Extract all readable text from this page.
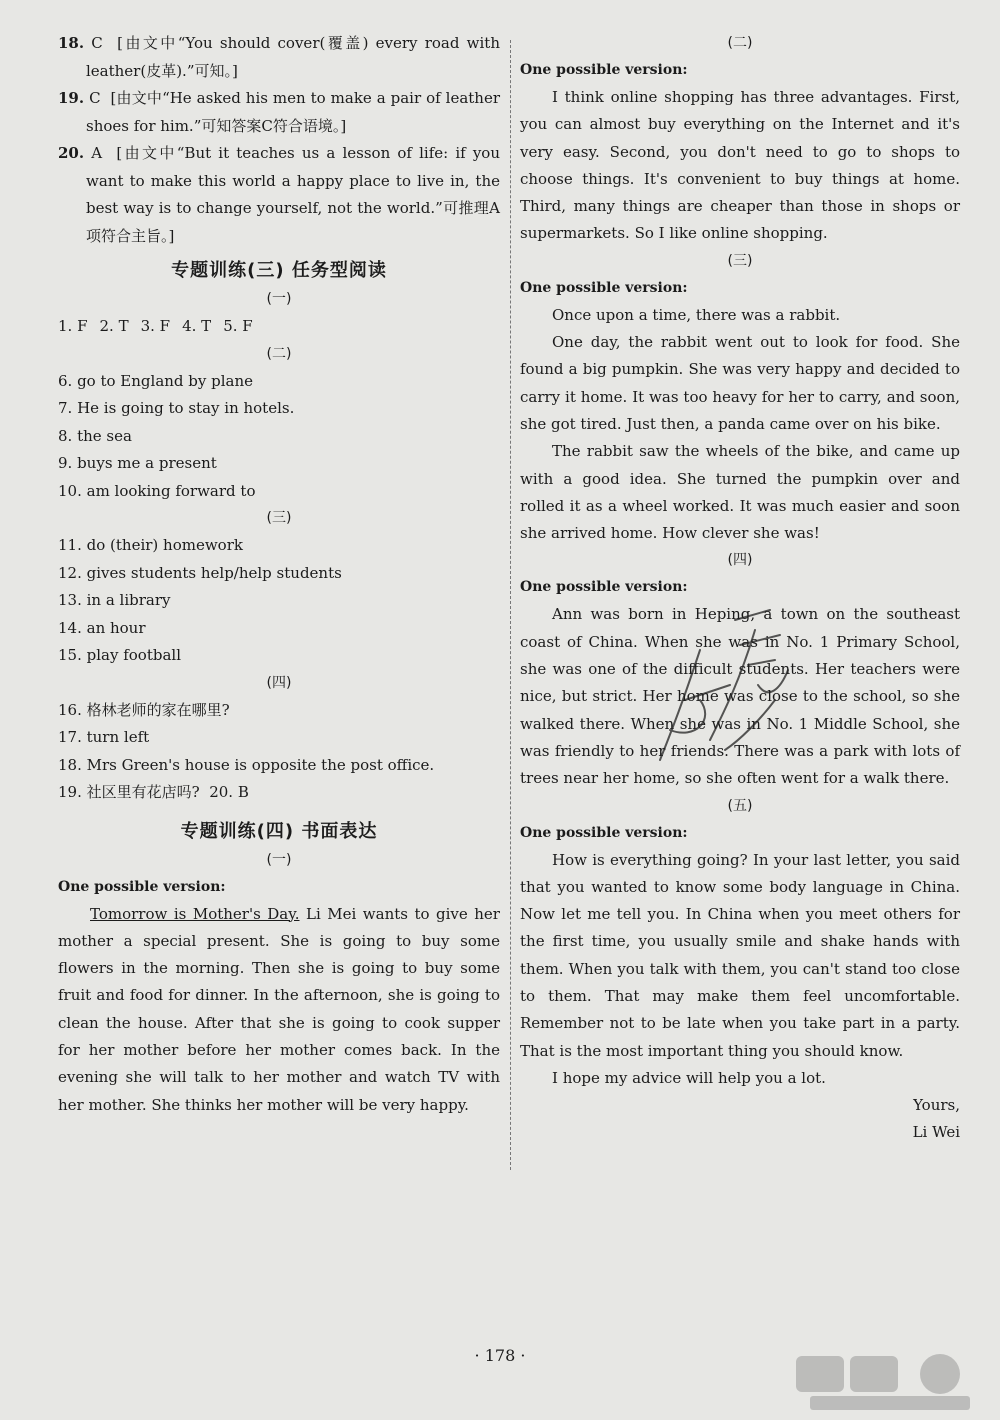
18. C  [由文中“You should cover(覆盖) every road with leather(皮革).”可知。]

19. C  [由文中“He asked his men to make a pair of leather shoes for him.”可知答案C符合语境。]

20. A  [由文中“But it teaches us a lesson of life: if you want to make this world a happy place to live in, the best way is to change yourself, not the world.”可推理A项符合主旨。]

专题训练(三) 任务型阅读

(一)

1. F 2. T 3. F 4. T 5. F

(二)

6. go to England by plane

7. He is going to stay in hotels.

8. the sea

9. buys me a present

10. am looking forward to

(三)

11. do (their) homework

12. gives students help/help students

13. in a library

14. an hour

15. play football

(四)

16. 格林老师的家在哪里?

17. turn left

18. Mrs Green's house is opposite the post office.

19. 社区里有花店吗? 20. B

专题训练(四) 书面表达

(一)

One possible version:

Tomorrow is Mother's Day. Li Mei wants to give her mother a special present. She is going to buy some flowers in the morning. Then she is going to buy some fruit and food for dinner. In the afternoon, she is going to clean the house. After that she is going to cook supper for her mother before her mother comes back. In the evening she will talk to her mother and watch TV with her mother. She thinks her mother will be very happy.

(二)

One possible version:

I think online shopping has three advantages. First, you can almost buy everything on the Internet and it's very easy. Second, you don't need to go to shops to choose things. It's convenient to buy things at home. Third, many things are cheaper than those in shops or supermarkets. So I like online shopping.

(三)

One possible version:

Once upon a time, there was a rabbit.

One day, the rabbit went out to look for food. She found a big pumpkin. She was very happy and decided to carry it home. It was too heavy for her to carry, and soon, she got tired. Just then, a panda came over on his bike.

The rabbit saw the wheels of the bike, and came up with a good idea. She turned the pumpkin over and rolled it as a wheel worked. It was much easier and soon she arrived home. How clever she was!

(四)

One possible version:

Ann was born in Heping, a town on the southeast coast of China. When she was in No. 1 Primary School, she was one of the difficult students. Her teachers were nice, but strict. Her home was close to the school, so she walked there. When she was in No. 1 Middle School, she was friendly to her friends. There was a park with lots of trees near her home, so she often went for a walk there.

(五)

One possible version:

How is everything going? In your last letter, you said that you wanted to know some body language in China. Now let me tell you. In China when you meet others for the first time, you usually smile and shake hands with them. When you talk with them, you can't stand too close to them. That may make them feel uncomfortable. Remember not to be late when you take part in a party. That is the most important thing you should know.

I hope my advice will help you a lot.

Yours,

Li Wei

· 178 ·
